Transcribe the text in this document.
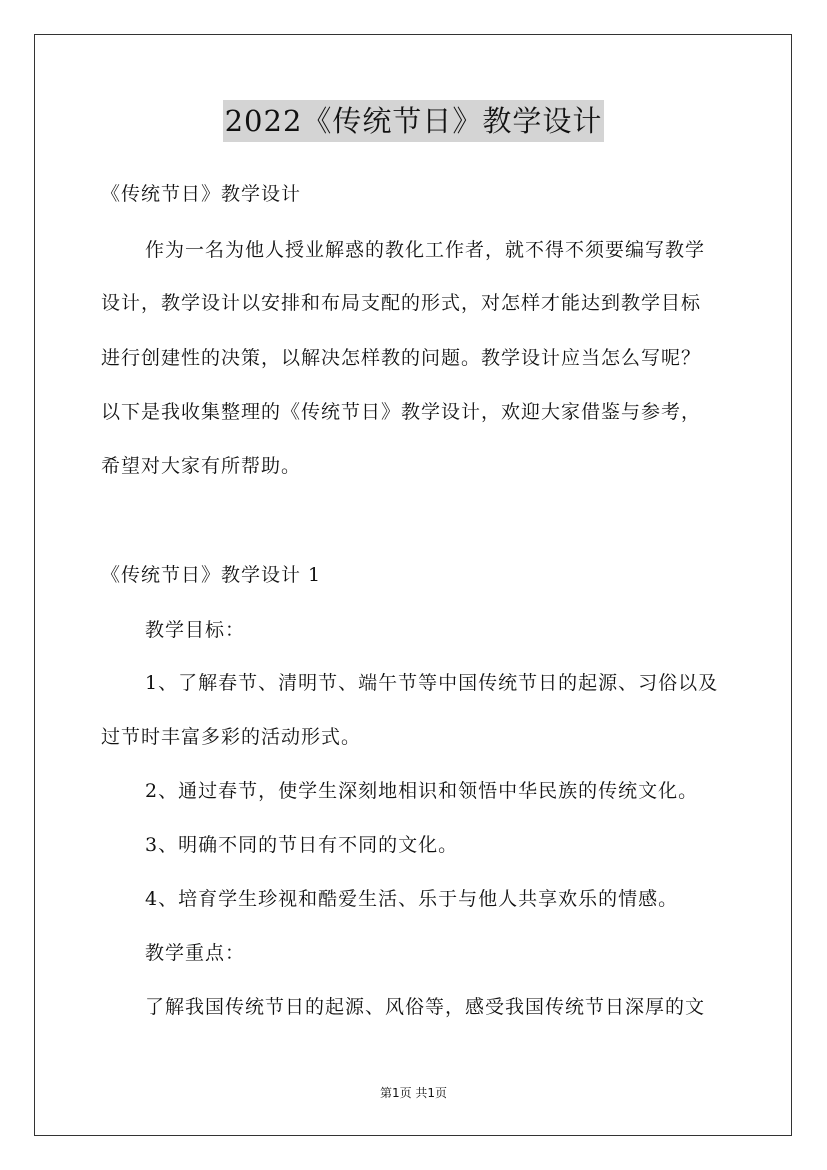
2022《传统节日》教学设计
《传统节日》教学设计
作为一名为他人授业解惑的教化工作者，就不得不须要编写教学
设计，教学设计以安排和布局支配的形式，对怎样才能达到教学目标
进行创建性的决策，以解决怎样教的问题。教学设计应当怎么写呢？
以下是我收集整理的《传统节日》教学设计，欢迎大家借鉴与参考，
希望对大家有所帮助。
《传统节日》教学设计 1
教学目标：
1、了解春节、清明节、端午节等中国传统节日的起源、习俗以及
过节时丰富多彩的活动形式。
2、通过春节，使学生深刻地相识和领悟中华民族的传统文化。
3、明确不同的节日有不同的文化。
4、培育学生珍视和酷爱生活、乐于与他人共享欢乐的情感。
教学重点：
了解我国传统节日的起源、风俗等，感受我国传统节日深厚的文
第1页 共1页
